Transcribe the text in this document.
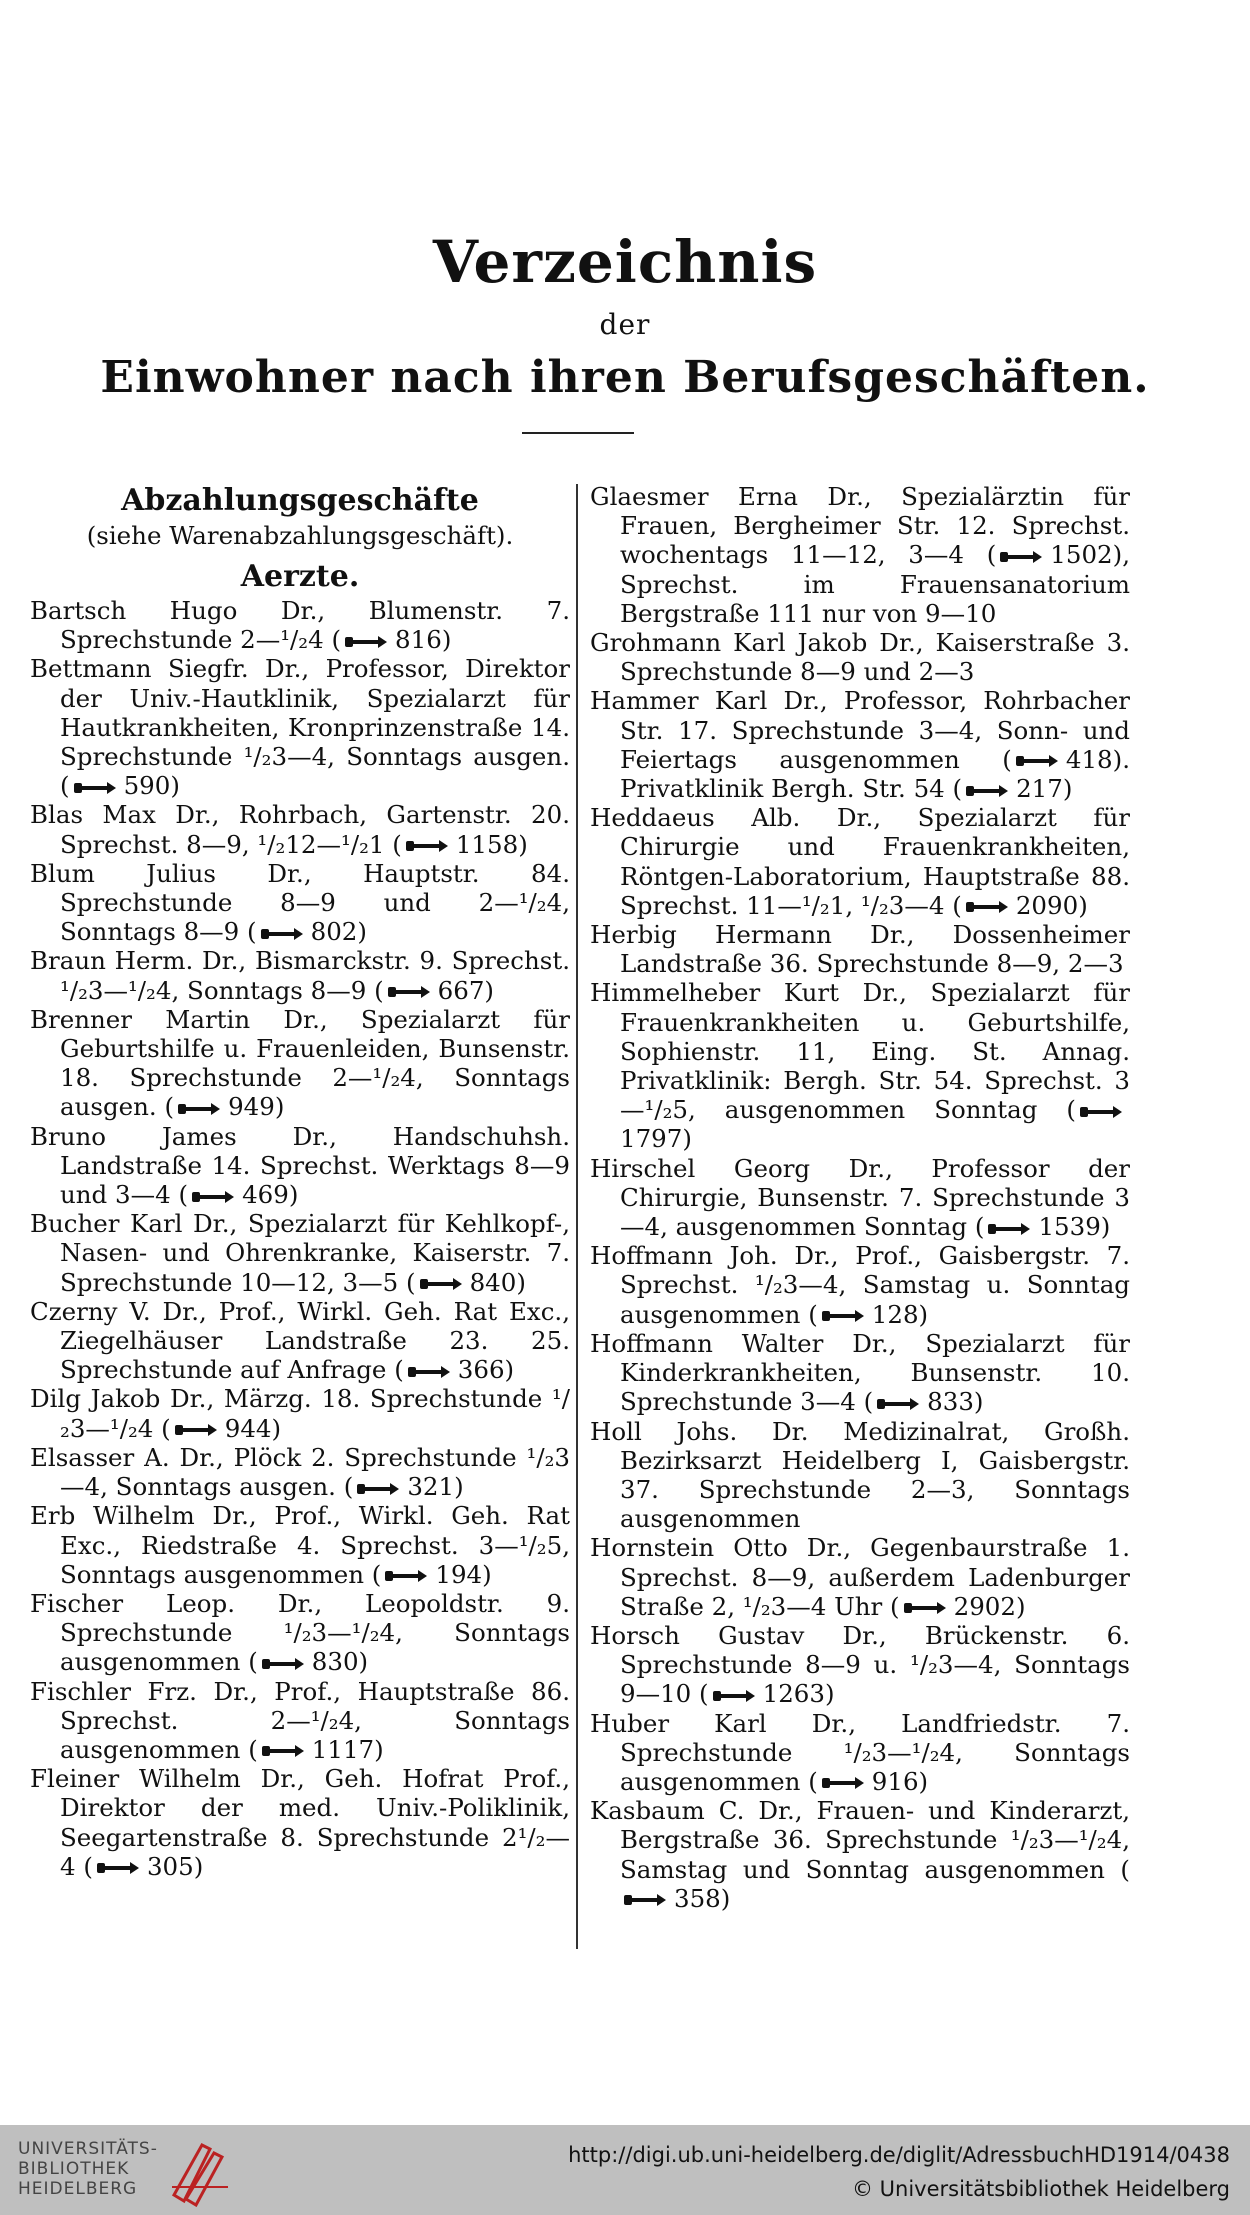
Verzeichnis
der
Einwohner nach ihren Berufsgeschäften.
Abzahlungsgeschäfte
(siehe Warenabzahlungsgeschäft).
Aerzte.
Bartsch Hugo Dr., Blumenstr. 7. Sprechstunde 2—¹/₂4 ( 816)
Bettmann Siegfr. Dr., Professor, Direktor der Univ.-Hautklinik, Spezialarzt für Hautkrankheiten, Kronprinzenstraße 14. Sprechstunde ¹/₂3—4, Sonntags ausgen. ( 590)
Blas Max Dr., Rohrbach, Gartenstr. 20. Sprechst. 8—9, ¹/₂12—¹/₂1 ( 1158)
Blum Julius Dr., Hauptstr. 84. Sprechstunde 8—9 und 2—¹/₂4, Sonntags 8—9 ( 802)
Braun Herm. Dr., Bismarckstr. 9. Sprechst. ¹/₂3—¹/₂4, Sonntags 8—9 ( 667)
Brenner Martin Dr., Spezialarzt für Geburtshilfe u. Frauenleiden, Bunsenstr. 18. Sprechstunde 2—¹/₂4, Sonntags ausgen. ( 949)
Bruno James Dr., Handschuhsh. Landstraße 14. Sprechst. Werktags 8—9 und 3—4 ( 469)
Bucher Karl Dr., Spezialarzt für Kehlkopf-, Nasen- und Ohrenkranke, Kaiserstr. 7. Sprechstunde 10—12, 3—5 ( 840)
Czerny V. Dr., Prof., Wirkl. Geh. Rat Exc., Ziegelhäuser Landstraße 23. 25. Sprechstunde auf Anfrage ( 366)
Dilg Jakob Dr., Märzg. 18. Sprechstunde ¹/₂3—¹/₂4 ( 944)
Elsasser A. Dr., Plöck 2. Sprechstunde ¹/₂3—4, Sonntags ausgen. ( 321)
Erb Wilhelm Dr., Prof., Wirkl. Geh. Rat Exc., Riedstraße 4. Sprechst. 3—¹/₂5, Sonntags ausgenommen ( 194)
Fischer Leop. Dr., Leopoldstr. 9. Sprechstunde ¹/₂3—¹/₂4, Sonntags ausgenommen ( 830)
Fischler Frz. Dr., Prof., Hauptstraße 86. Sprechst. 2—¹/₂4, Sonntags ausgenommen ( 1117)
Fleiner Wilhelm Dr., Geh. Hofrat Prof., Direktor der med. Univ.-Poliklinik, Seegartenstraße 8. Sprechstunde 2¹/₂—4 ( 305)
Glaesmer Erna Dr., Spezialärztin für Frauen, Bergheimer Str. 12. Sprechst. wochentags 11—12, 3—4 ( 1502), Sprechst. im Frauensanatorium Bergstraße 111 nur von 9—10
Grohmann Karl Jakob Dr., Kaiserstraße 3. Sprechstunde 8—9 und 2—3
Hammer Karl Dr., Professor, Rohrbacher Str. 17. Sprechstunde 3—4, Sonn- und Feiertags ausgenommen ( 418). Privatklinik Bergh. Str. 54 ( 217)
Heddaeus Alb. Dr., Spezialarzt für Chirurgie und Frauenkrankheiten, Röntgen-Laboratorium, Hauptstraße 88. Sprechst. 11—¹/₂1, ¹/₂3—4 ( 2090)
Herbig Hermann Dr., Dossenheimer Landstraße 36. Sprechstunde 8—9, 2—3
Himmelheber Kurt Dr., Spezialarzt für Frauenkrankheiten u. Geburtshilfe, Sophienstr. 11, Eing. St. Annag. Privatklinik: Bergh. Str. 54. Sprechst. 3—¹/₂5, ausgenommen Sonntag (1797)
Hirschel Georg Dr., Professor der Chirurgie, Bunsenstr. 7. Sprechstunde 3—4, ausgenommen Sonntag ( 1539)
Hoffmann Joh. Dr., Prof., Gaisbergstr. 7. Sprechst. ¹/₂3—4, Samstag u. Sonntag ausgenommen ( 128)
Hoffmann Walter Dr., Spezialarzt für Kinderkrankheiten, Bunsenstr. 10. Sprechstunde 3—4 ( 833)
Holl Johs. Dr. Medizinalrat, Großh. Bezirksarzt Heidelberg I, Gaisbergstr. 37. Sprechstunde 2—3, Sonntags ausgenommen
Hornstein Otto Dr., Gegenbaurstraße 1. Sprechst. 8—9, außerdem Ladenburger Straße 2, ¹/₂3—4 Uhr ( 2902)
Horsch Gustav Dr., Brückenstr. 6. Sprechstunde 8—9 u. ¹/₂3—4, Sonntags 9—10 ( 1263)
Huber Karl Dr., Landfriedstr. 7. Sprechstunde ¹/₂3—¹/₂4, Sonntags ausgenommen ( 916)
Kasbaum C. Dr., Frauen- und Kinderarzt, Bergstraße 36. Sprechstunde ¹/₂3—¹/₂4, Samstag und Sonntag ausgenommen (358)
UNIVERSITÄTS-
BIBLIOTHEK
HEIDELBERG
http://digi.ub.uni-heidelberg.de/diglit/AdressbuchHD1914/0438
© Universitätsbibliothek Heidelberg
